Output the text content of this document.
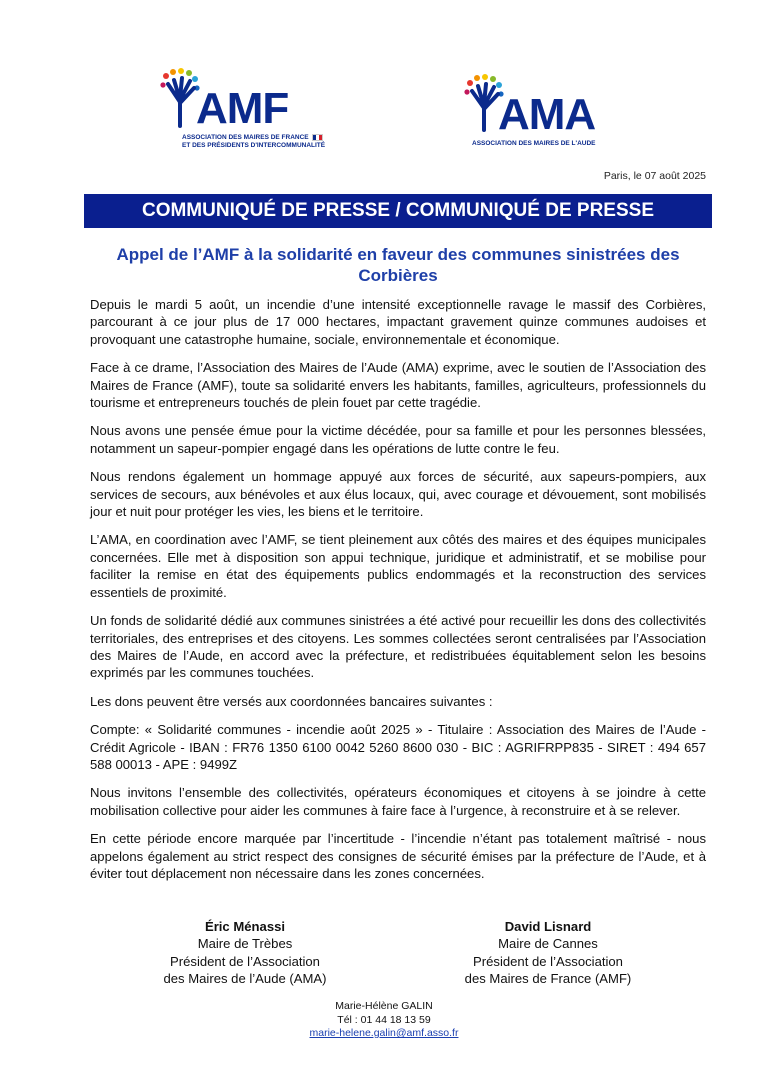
AMF
ASSOCIATION DES MAIRES DE FRANCE
ET DES PRÉSIDENTS D'INTERCOMMUNALITÉ
AMA
ASSOCIATION DES MAIRES DE L'AUDE
Paris, le 07 août 2025
COMMUNIQUÉ DE PRESSE / COMMUNIQUÉ DE PRESSE
Appel de l’AMF à la solidarité en faveur des communes sinistrées des Corbières

Depuis le mardi 5 août, un incendie d’une intensité exceptionnelle ravage le massif des Corbières, parcourant à ce jour plus de 17 000 hectares, impactant gravement quinze communes audoises et provoquant une catastrophe humaine, sociale, environnementale et économique.

Face à ce drame, l’Association des Maires de l’Aude (AMA) exprime, avec le soutien de l’Association des Maires de France (AMF), toute sa solidarité envers les habitants, familles, agriculteurs, professionnels du tourisme et entrepreneurs touchés de plein fouet par cette tragédie.

Nous avons une pensée émue pour la victime décédée, pour sa famille et pour les personnes blessées, notamment un sapeur-pompier engagé dans les opérations de lutte contre le feu.

Nous rendons également un hommage appuyé aux forces de sécurité, aux sapeurs-pompiers, aux services de secours, aux bénévoles et aux élus locaux, qui, avec courage et dévouement, sont mobilisés jour et nuit pour protéger les vies, les biens et le territoire.

L’AMA, en coordination avec l’AMF, se tient pleinement aux côtés des maires et des équipes municipales concernées. Elle met à disposition son appui technique, juridique et administratif, et se mobilise pour faciliter la remise en état des équipements publics endommagés et la reconstruction des services essentiels de proximité.

Un fonds de solidarité dédié aux communes sinistrées a été activé pour recueillir les dons des collectivités territoriales, des entreprises et des citoyens. Les sommes collectées seront centralisées par l’Association des Maires de l’Aude, en accord avec la préfecture, et redistribuées équitablement selon les besoins exprimés par les communes touchées.

Les dons peuvent être versés aux coordonnées bancaires suivantes :

Compte: « Solidarité communes - incendie août 2025 » - Titulaire : Association des Maires de l’Aude - Crédit Agricole - IBAN : FR76 1350 6100 0042 5260 8600 030 - BIC : AGRIFRPP835 - SIRET : 494 657 588 00013 - APE : 9499Z

Nous invitons l’ensemble des collectivités, opérateurs économiques et citoyens à se joindre à cette mobilisation collective pour aider les communes à faire face à l’urgence, à reconstruire et à se relever.

En cette période encore marquée par l’incertitude - l’incendie n’étant pas totalement maîtrisé - nous appelons également au strict respect des consignes de sécurité émises par la préfecture de l’Aude, et à éviter tout déplacement non nécessaire dans les zones concernées.

Éric Ménassi
Maire de Trèbes
Président de l’Association
des Maires de l’Aude (AMA)
David Lisnard
Maire de Cannes
Président de l’Association
des Maires de France (AMF)
Marie-Hélène GALIN
Tél : 01 44 18 13 59
marie-helene.galin@amf.asso.fr
